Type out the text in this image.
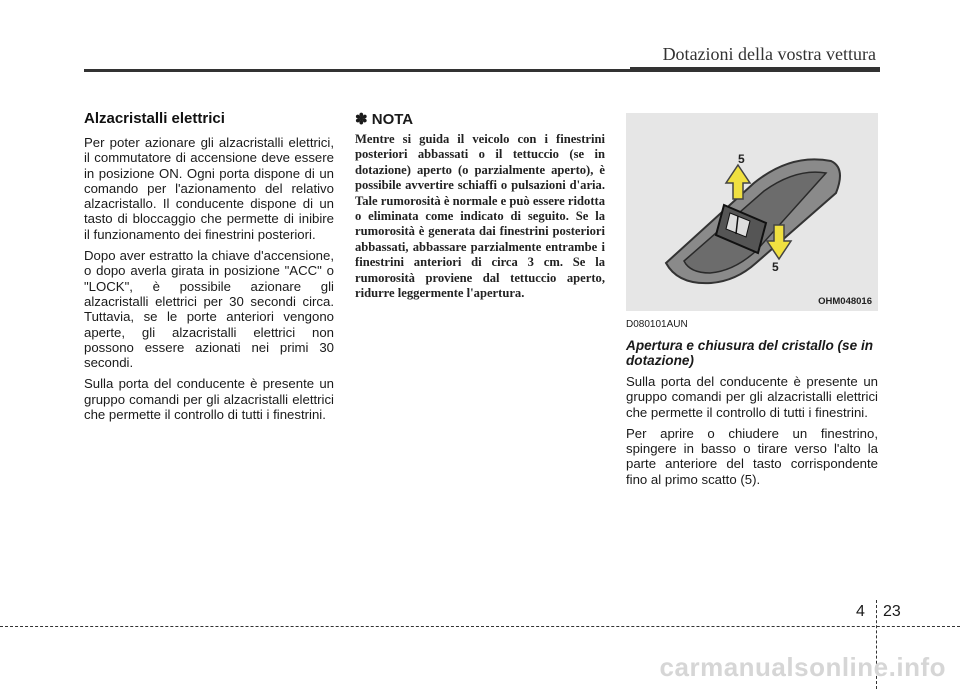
Dotazioni della vostra vettura
Alzacristalli elettrici

Per poter azionare gli alzacristalli elettrici, il commutatore di accensione deve essere in posizione ON. Ogni porta dispone di un comando per l'azionamento del relativo alzacristallo. Il conducente dispone di un tasto di bloccaggio che permette di inibire il funzionamento dei finestrini posteriori.

Dopo aver estratto la chiave d'accensione, o dopo averla girata in posizione "ACC" o "LOCK", è possibile azionare gli alzacristalli elettrici per 30 secondi circa. Tuttavia, se le porte anteriori vengono aperte, gli alzacristalli elettrici non possono essere azionati nei primi 30 secondi.

Sulla porta del conducente è presente un gruppo comandi per gli alzacristalli elettrici che permette il controllo di tutti i finestrini.

✽ NOTA

Mentre si guida il veicolo con i finestrini posteriori abbassati o il tettuccio (se in dotazione) aperto (o parzialmente aperto), è possibile avvertire schiaffi o pulsazioni d'aria. Tale rumorosità è normale e può essere ridotta o eliminata come indicato di seguito. Se la rumorosità è generata dai finestrini posteriori abbassati, abbassare parzialmente entrambe i finestrini anteriori di circa 3 cm. Se la rumorosità proviene dal tettuccio aperto, ridurre leggermente l'apertura.

5
5
OHM048016
D080101AUN
Apertura e chiusura del cristallo (se in dotazione)

Sulla porta del conducente è presente un gruppo comandi per gli alzacristalli elettrici che permette il controllo di tutti i finestrini.

Per aprire o chiudere un finestrino, spingere in basso o tirare verso l'alto la parte anteriore del tasto corrispondente fino al primo scatto (5).

4 23
carmanualsonline.info
